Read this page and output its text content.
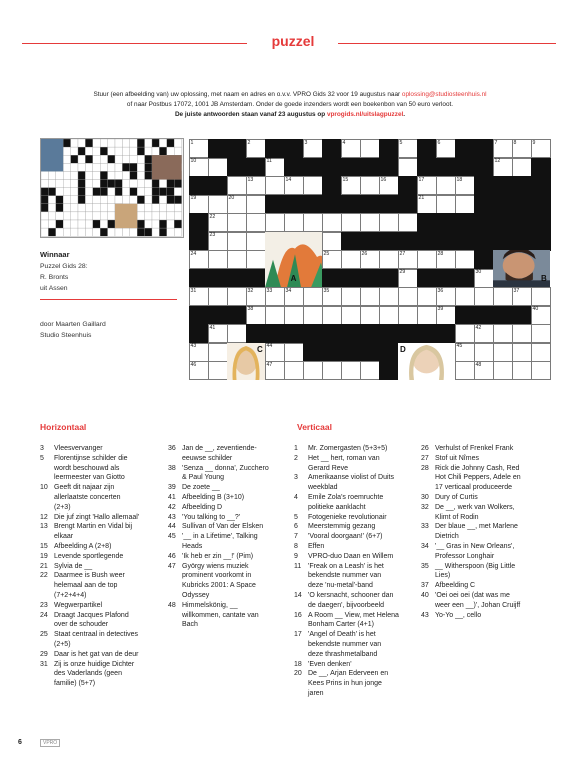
puzzel
Stuur (een afbeelding van) uw oplossing, met naam en adres en o.v.v. VPRO Gids 32 voor 19 augustus naar oplossing@studiosteenhuis.nl
of naar Postbus 17072, 1001 JB Amsterdam. Onder de goede inzenders wordt een boekenbon van 50 euro verloot.
De juiste antwoorden staan vanaf 23 augustus op vprogids.nl/uitslagpuzzel.
Winnaar
Puzzel Gids 28:
R. Bronts
uit Assen
door Maarten Gaillard
Studio Steenhuis
1	2	3	4	5	6	7	8	9
10	11	12
13	14	15	16	17	18
19	20	21
22
23
24	25	26	27	28
29	30
31	32	33	34	35	36	37
38	39	40
41	42
43	44	45
46	47	48
A	B
C	D
Horizontaal
3	Vleesvervanger
5	Florentijnse schilder die
wordt beschouwd als
leermeester van Giotto
10 Geeft dit najaar zijn
allerlaatste concerten
(2+3)
12 Die juf zingt 'Hallo allemaal'
13 Brengt Martin en Vidal bij
elkaar
15 Afbeelding A (2+8)
19 Levende sportlegende
21 Sylvia de __
22 Daarmee is Bush weer
helemaal aan de top
(7+2+4+4)
23 Wegwerpartikel
24 Draagt Jacques Plafond
over de schouder
25 Staat centraal in detectives
(2+5)
29 Daar is het gat van de deur
31 Zij is onze huidige Dichter
des Vaderlands (geen
familie) (5+7)
36 Jan de __, zeventiende-
eeuwse schilder
38 'Senza __ donna', Zucchero
& Paul Young
39 De zoete __
41 Afbeelding B (3+10)
42 Afbeelding D
43 'You talking to __?'
44 Sullivan of Van der Elsken
45 '__ in a Lifetime', Talking
Heads
46 'Ik heb er zin __!' (Pim)
47 György wiens muziek
prominent voorkomt in
Kubricks 2001: A Space
Odyssey
48 Himmelskönig, __
willkommen, cantate van
Bach
Verticaal
1	Mr. Zomergasten (5+3+5)
2	Het __ hert, roman van
Gerard Reve
3	Amerikaanse violist of Duits
weekblad
4	Emile Zola's roemruchte
politieke aanklacht
5	Fotogenieke revolutionair
6	Meerstemmig gezang
7	'Vooral doorgaan!' (6+7)
8	Effen
9	VPRO-duo Daan en Willem
11 'Freak on a Leash' is het
bekendste nummer van
deze 'nu-metal'-band
14 'O kersnacht, schooner dan
de daegen', bijvoorbeeld
16 A Room __ View, met Helena
Bonham Carter (4+1)
17 'Angel of Death' is het
bekendste nummer van
deze thrashmetalband
18 'Even denken'
20 De __, Arjan Ederveen en
Kees Prins in hun jonge
jaren
26 Verhulst of Frenkel Frank
27 Stof uit Nîmes
28 Rick die Johnny Cash, Red
Hot Chili Peppers, Adele en
17 verticaal produceerde
30 Dury of Curtis
32 De __, werk van Wolkers,
Klimt of Rodin
33 Der blaue __, met Marlene
Dietrich
34 '__ Gras in New Orleans',
Professor Longhair
35 __ Witherspoon (Big Little
Lies)
37 Afbeelding C
40 'Oei oei oei (dat was me
weer een __)', Johan Cruijff
43 Yo-Yo __, cello
6	VPRO
